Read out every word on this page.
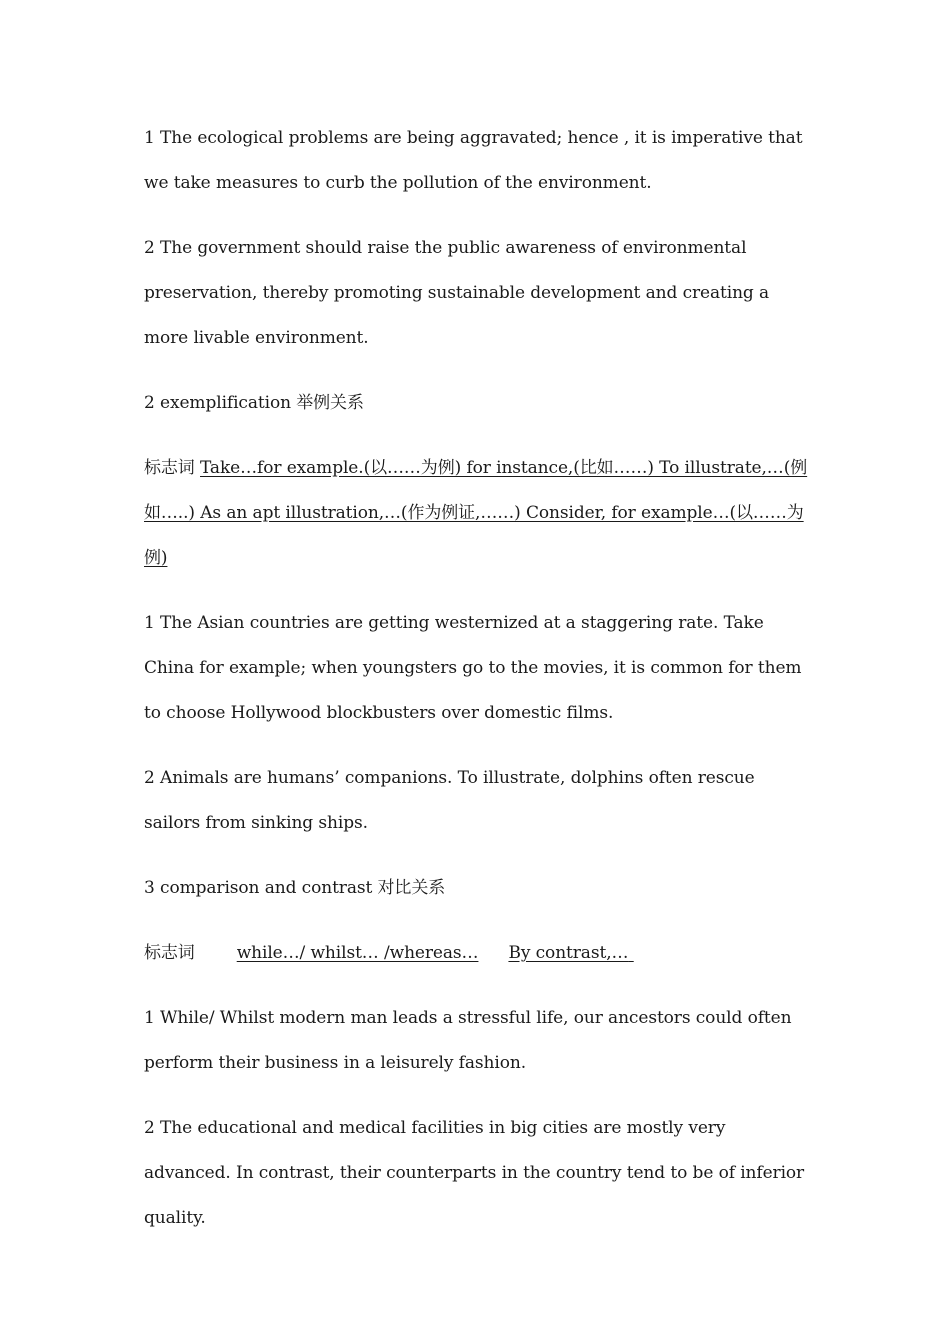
1 The ecological problems are being aggravated; hence , it is imperative that we take measures to curb the pollution of the environment.

2 The government should raise the public awareness of environmental preservation, thereby promoting sustainable development and creating a more livable environment.

2 exemplification 举例关系

标志词 Take…for example.(以……为例) for instance,(比如……) To illustrate,…(例如…..) As an apt illustration,…(作为例证,……) Consider, for example…(以……为例)

1 The Asian countries are getting westernized at a staggering rate. Take China for example; when youngsters go to the movies, it is common for them to choose Hollywood blockbusters over domestic films.

2 Animals are humans’ companions. To illustrate, dolphins often rescue sailors from sinking ships.

3 comparison and contrast 对比关系

标志词 while…/ whilst… /whereas… By contrast,…

1 While/ Whilst modern man leads a stressful life, our ancestors could often perform their business in a leisurely fashion.

2 The educational and medical facilities in big cities are mostly very advanced. In contrast, their counterparts in the country tend to be of inferior quality.
